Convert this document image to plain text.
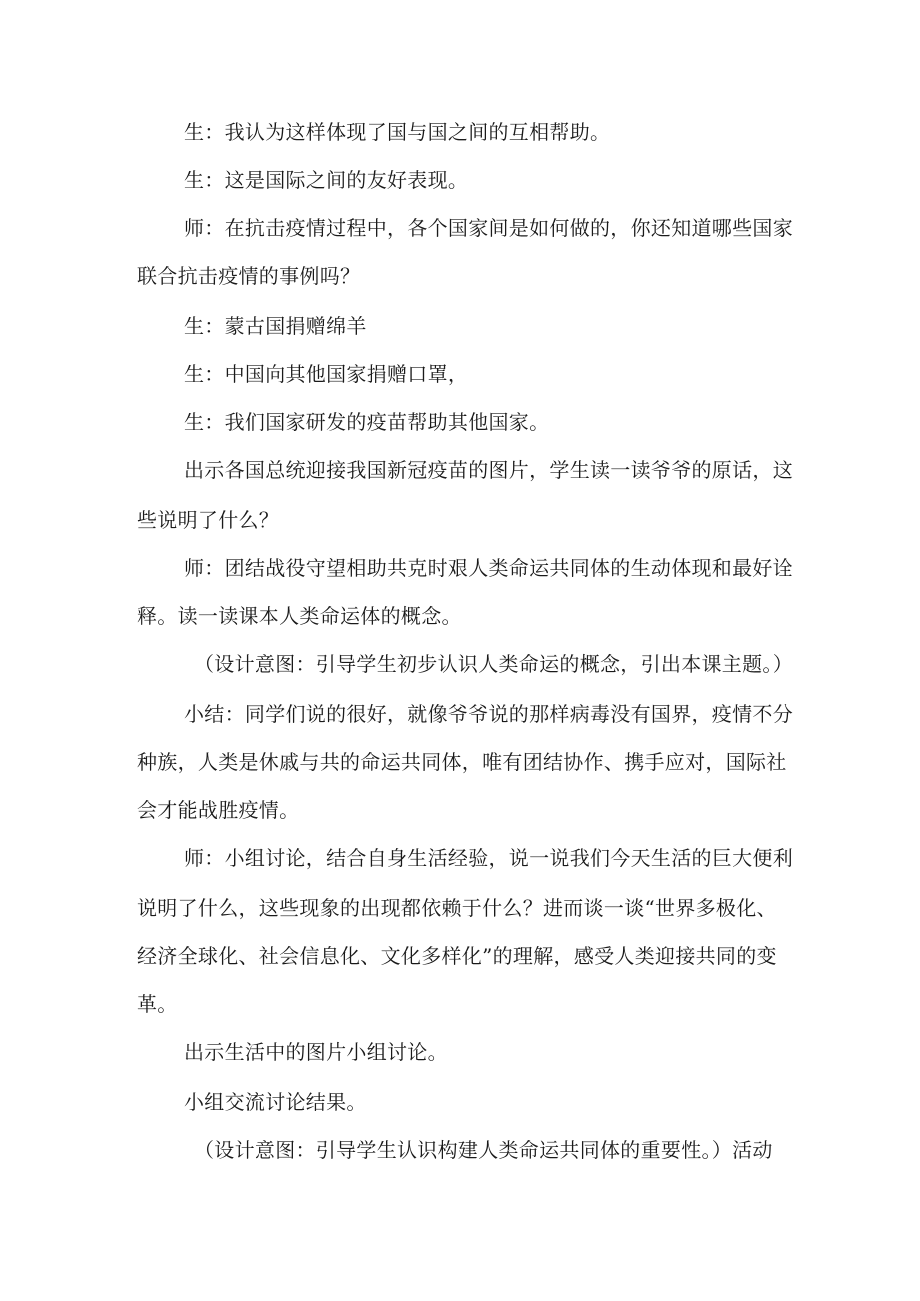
生：我认为这样体现了国与国之间的互相帮助。
生：这是国际之间的友好表现。
师：在抗击疫情过程中，各个国家间是如何做的，你还知道哪些国家
联合抗击疫情的事例吗？
生：蒙古国捐赠绵羊
生：中国向其他国家捐赠口罩，
生：我们国家研发的疫苗帮助其他国家。
出示各国总统迎接我国新冠疫苗的图片，学生读一读爷爷的原话，这
些说明了什么？
师：团结战役守望相助共克时艰人类命运共同体的生动体现和最好诠
释。读一读课本人类命运体的概念。
（设计意图：引导学生初步认识人类命运的概念，引出本课主题。）
小结：同学们说的很好，就像爷爷说的那样病毒没有国界，疫情不分
种族，人类是休戚与共的命运共同体，唯有团结协作、携手应对，国际社
会才能战胜疫情。
师：小组讨论，结合自身生活经验，说一说我们今天生活的巨大便利
说明了什么，这些现象的出现都依赖于什么？进而谈一谈“世界多极化、
经济全球化、社会信息化、文化多样化”的理解，感受人类迎接共同的变
革。
出示生活中的图片小组讨论。
小组交流讨论结果。
（设计意图：引导学生认识构建人类命运共同体的重要性。）活动
